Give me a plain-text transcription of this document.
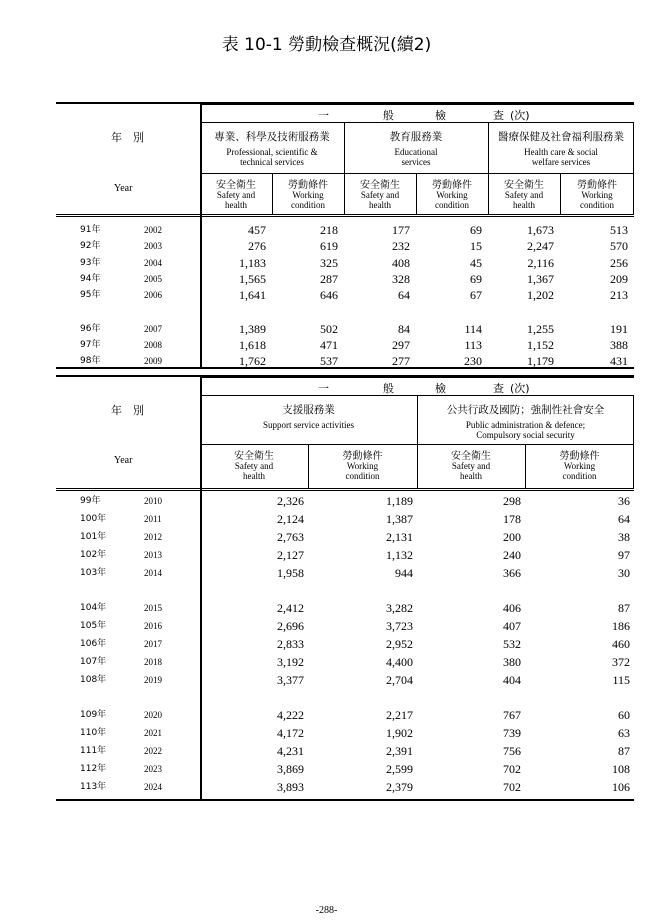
表 10-1 勞動檢查概況(續2)
一	般	檢	查 (次)
年　別
Year
專業、科學及技術服務業
Professional, scientific &
technical services
教育服務業
Educational
services
醫療保健及社會福利服務業
Health care & social
welfare services
安全衛生
Safety and
health
勞動條件
Working
condition
安全衛生
Safety and
health
勞動條件
Working
condition
安全衛生
Safety and
health
勞動條件
Working
condition
91年	2002	457	218	177	69	1,673	513
92年	2003	276	619	232	15	2,247	570
93年	2004	1,183	325	408	45	2,116	256
94年	2005	1,565	287	328	69	1,367	209
95年	2006	1,641	646	64	67	1,202	213
96年	2007	1,389	502	84	114	1,255	191
97年	2008	1,618	471	297	113	1,152	388
98年	2009	1,762	537	277	230	1,179	431
一	般	檢	查 (次)
年　別
Year
支援服務業
Support service activities
公共行政及國防；強制性社會安全
Public administration & defence;
Compulsory social security
安全衛生
Safety and
health
勞動條件
Working
condition
安全衛生
Safety and
health
勞動條件
Working
condition
99年	2010	2,326	1,189	298	36
100年	2011	2,124	1,387	178	64
101年	2012	2,763	2,131	200	38
102年	2013	2,127	1,132	240	97
103年	2014	1,958	944	366	30
104年	2015	2,412	3,282	406	87
105年	2016	2,696	3,723	407	186
106年	2017	2,833	2,952	532	460
107年	2018	3,192	4,400	380	372
108年	2019	3,377	2,704	404	115
109年	2020	4,222	2,217	767	60
110年	2021	4,172	1,902	739	63
111年	2022	4,231	2,391	756	87
112年	2023	3,869	2,599	702	108
113年	2024	3,893	2,379	702	106
-288-
